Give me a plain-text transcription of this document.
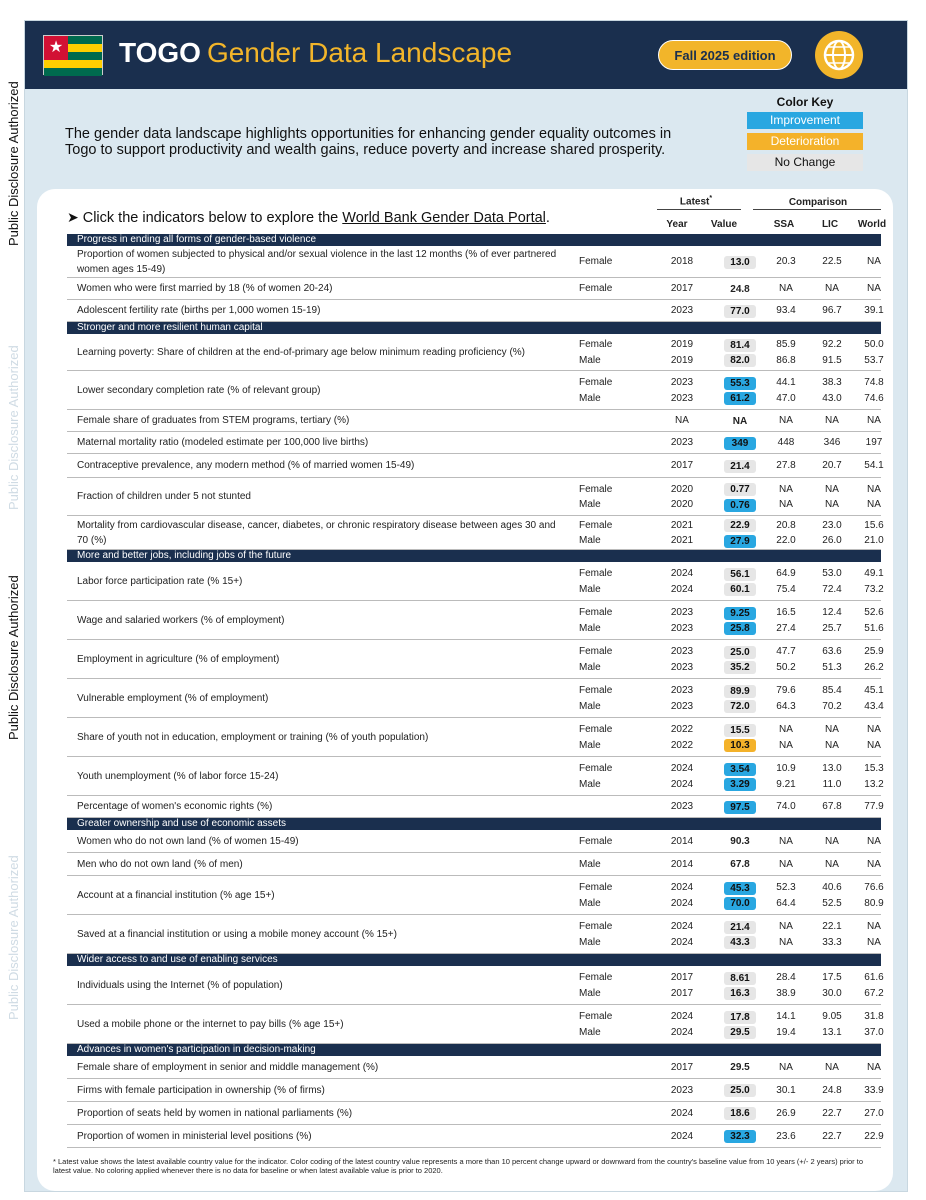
★ TOGO Gender Data Landscape	Fall 2025 edition
The gender data landscape highlights opportunities for enhancing gender equality outcomes in Togo to support productivity and wealth gains, reduce poverty and increase shared prosperity.
Color Key
Improvement
Deterioration
No Change
Latest*	Comparison
Year	Value	SSA	LIC	World
➤ Click the indicators below to explore the World Bank Gender Data Portal.
Progress in ending all forms of gender-based violence
Proportion of women subjected to physical and/or sexual violence in the last 12 months (% of ever partnered women ages 15-49)
Female	2018	13.0	20.3	22.5	NA
Women who were first married by 18 (% of women 20-24)	Female	2017	24.8	NA	NA	NA
Adolescent fertility rate (births per 1,000 women 15-19)	2023	77.0	93.4	96.7	39.1
Stronger and more resilient human capital
Learning poverty: Share of children at the end-of-primary age below minimum reading proficiency (%)
Female	2019	81.4	85.9	92.2	50.0
Male	2019	82.0	86.8	91.5	53.7
Lower secondary completion rate (% of relevant group)
Female	2023	55.3	44.1	38.3	74.8
Male	2023	61.2	47.0	43.0	74.6
Female share of graduates from STEM programs, tertiary (%)	NA	NA	NA	NA	NA
Maternal mortality ratio (modeled estimate per 100,000 live births)	2023	349	448	346	197
Contraceptive prevalence, any modern method (% of married women 15-49)	2017	21.4	27.8	20.7	54.1
Fraction of children under 5 not stunted
Female	2020	0.77	NA	NA	NA
Male	2020	0.76	NA	NA	NA
Mortality from cardiovascular disease, cancer, diabetes, or chronic respiratory disease between ages 30 and 70 (%)
Female	2021	22.9	20.8	23.0	15.6
Male	2021	27.9	22.0	26.0	21.0
More and better jobs, including jobs of the future
Labor force participation rate (% 15+)
Female	2024	56.1	64.9	53.0	49.1
Male	2024	60.1	75.4	72.4	73.2
Wage and salaried workers (% of employment)
Female	2023	9.25	16.5	12.4	52.6
Male	2023	25.8	27.4	25.7	51.6
Employment in agriculture (% of employment)
Female	2023	25.0	47.7	63.6	25.9
Male	2023	35.2	50.2	51.3	26.2
Vulnerable employment (% of employment)
Female	2023	89.9	79.6	85.4	45.1
Male	2023	72.0	64.3	70.2	43.4
Share of youth not in education, employment or training (% of youth population)
Female	2022	15.5	NA	NA	NA
Male	2022	10.3	NA	NA	NA
Youth unemployment (% of labor force 15-24)
Female	2024	3.54	10.9	13.0	15.3
Male	2024	3.29	9.21	11.0	13.2
Percentage of women's economic rights (%)	2023	97.5	74.0	67.8	77.9
Greater ownership and use of economic assets
Women who do not own land (% of women 15-49)	Female	2014	90.3	NA	NA	NA
Men who do not own land (% of men)	Male	2014	67.8	NA	NA	NA
Account at a financial institution (% age 15+)
Female	2024	45.3	52.3	40.6	76.6
Male	2024	70.0	64.4	52.5	80.9
Saved at a financial institution or using a mobile money account (% 15+)
Female	2024	21.4	NA	22.1	NA
Male	2024	43.3	NA	33.3	NA
Wider access to and use of enabling services
Individuals using the Internet (% of population)
Female	2017	8.61	28.4	17.5	61.6
Male	2017	16.3	38.9	30.0	67.2
Used a mobile phone or the internet to pay bills (% age 15+)
Female	2024	17.8	14.1	9.05	31.8
Male	2024	29.5	19.4	13.1	37.0
Advances in women's participation in decision-making
Female share of employment in senior and middle management (%)	2017	29.5	NA	NA	NA
Firms with female participation in ownership (% of firms)	2023	25.0	30.1	24.8	33.9
Proportion of seats held by women in national parliaments (%)	2024	18.6	26.9	22.7	27.0
Proportion of women in ministerial level positions (%)	2024	32.3	23.6	22.7	22.9
* Latest value shows the latest available country value for the indicator. Color coding of the latest country value represents a more than 10 percent change upward or downward from the country's baseline value from 10 years (+/- 2 years) prior to latest value. No coloring applied whenever there is no data for baseline or when latest available value is prior to 2020.
Public Disclosure Authorized
Public Disclosure Authorized
Public Disclosure Authorized
Public Disclosure Authorized
